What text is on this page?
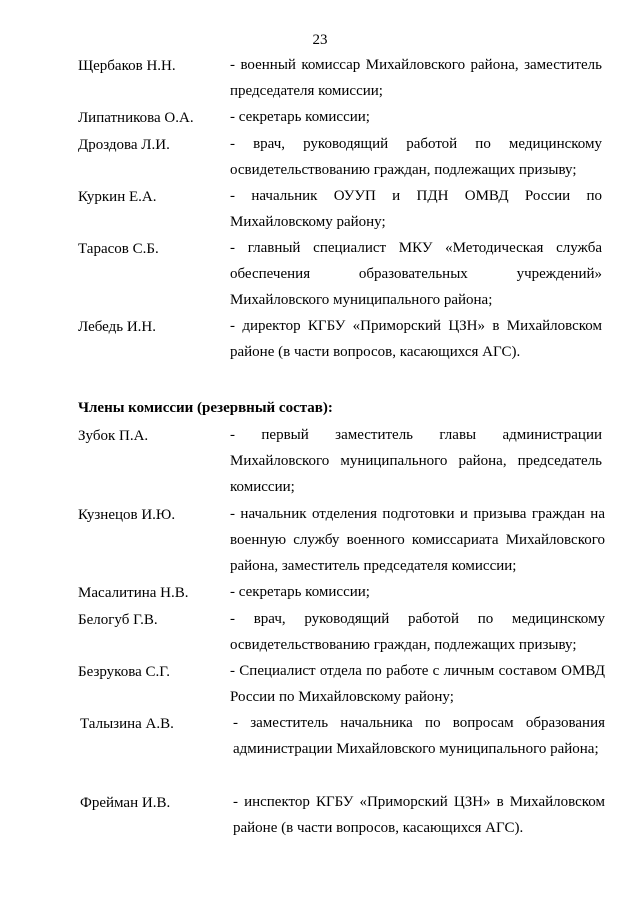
23
Щербаков Н.Н.	- военный комиссар Михайловского района, заместитель председателя комиссии;
Липатникова О.А. - секретарь комиссии;
Дроздова Л.И.	- врач, руководящий работой по медицинскому освидетельствованию граждан, подлежащих призыву;
Куркин Е.А.	- начальник ОУУП и ПДН ОМВД России по Михайловскому району;
Тарасов С.Б.	- главный специалист МКУ «Методическая служба обеспечения образовательных учреждений» Михайловского муниципального района;
Лебедь И.Н.	- директор КГБУ «Приморский ЦЗН» в Михайловском районе (в части вопросов, касающихся АГС).
Члены комиссии (резервный состав):
Зубок П.А.	- первый заместитель главы администрации Михайловского муниципального района, председатель комиссии;
Кузнецов И.Ю.	- начальник отделения подготовки и призыва граждан на военную службу военного комиссариата Михайловского района, заместитель председателя комиссии;
Масалитина Н.В.	- секретарь комиссии;
Белогуб Г.В.	- врач, руководящий работой по медицинскому освидетельствованию граждан, подлежащих призыву;
Безрукова С.Г.	- Специалист отдела по работе с личным составом ОМВД России по Михайловскому району;
Талызина А.В.	- заместитель начальника по вопросам образования администрации Михайловского муниципального района;
Фрейман И.В.	- инспектор КГБУ «Приморский ЦЗН» в Михайловском районе (в части вопросов, касающихся АГС).
